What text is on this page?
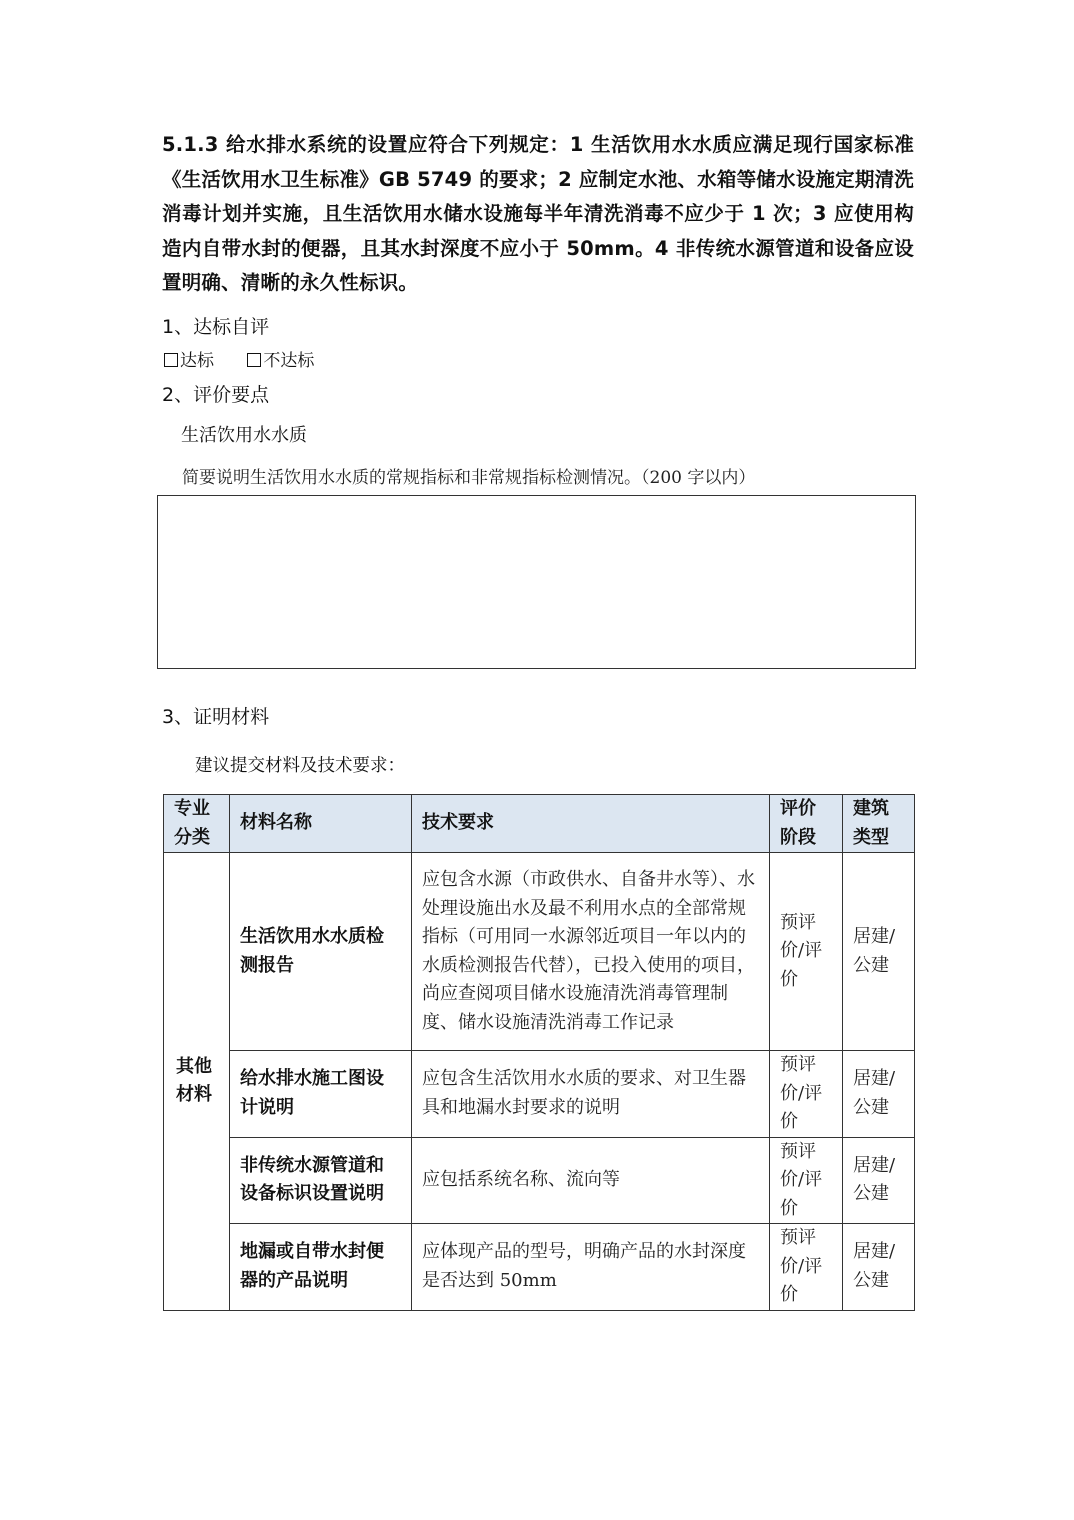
5.1.3 给水排水系统的设置应符合下列规定：1 生活饮用水水质应满足现行国家标准《生活饮用水卫生标准》GB 5749 的要求；2 应制定水池、水箱等储水设施定期清洗消毒计划并实施，且生活饮用水储水设施每半年清洗消毒不应少于 1 次；3 应使用构造内自带水封的便器，且其水封深度不应小于 50mm。4 非传统水源管道和设备应设置明确、清晰的永久性标识。
1、达标自评
达标	不达标
2、评价要点
生活饮用水水质
简要说明生活饮用水水质的常规指标和非常规指标检测情况。（200 字以内）
3、证明材料
建议提交材料及技术要求：
专业分类	材料名称	技术要求	评价阶段	建筑类型
其他材料	生活饮用水水质检测报告	应包含水源（市政供水、自备井水等）、水处理设施出水及最不利用水点的全部常规指标（可用同一水源邻近项目一年以内的水质检测报告代替），已投入使用的项目，尚应查阅项目储水设施清洗消毒管理制度、储水设施清洗消毒工作记录	预评价/评价	居建/公建
	给水排水施工图设计说明	应包含生活饮用水水质的要求、对卫生器具和地漏水封要求的说明	预评价/评价	居建/公建
	非传统水源管道和设备标识设置说明	应包括系统名称、流向等	预评价/评价	居建/公建
	地漏或自带水封便器的产品说明	应体现产品的型号，明确产品的水封深度是否达到 50mm	预评价/评价	居建/公建
